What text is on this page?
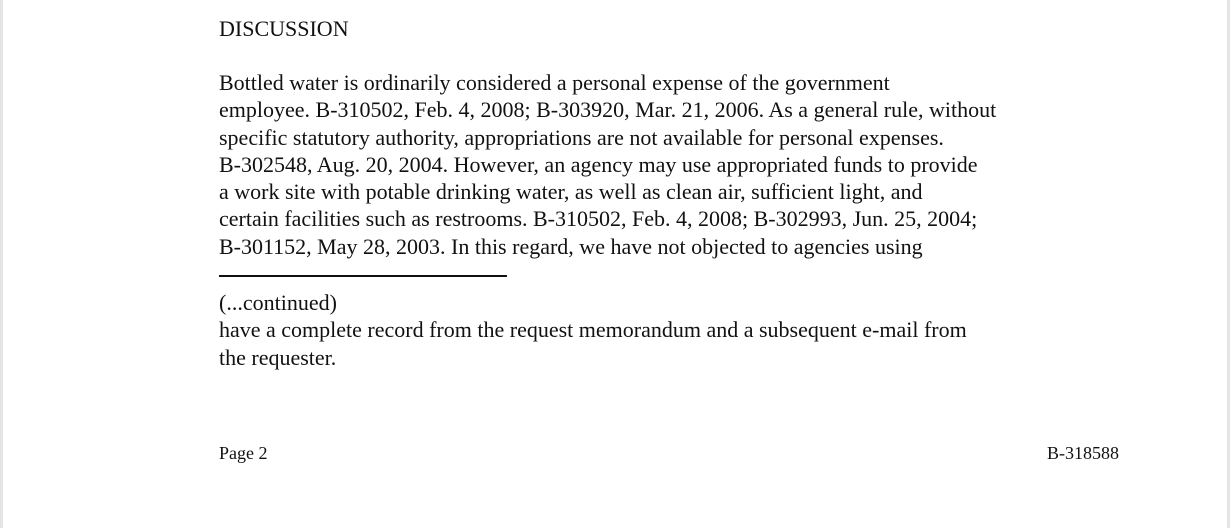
DISCUSSION
Bottled water is ordinarily considered a personal expense of the government
employee. B-310502, Feb. 4, 2008; B-303920, Mar. 21, 2006. As a general rule, without
specific statutory authority, appropriations are not available for personal expenses.
B-302548, Aug. 20, 2004. However, an agency may use appropriated funds to provide
a work site with potable drinking water, as well as clean air, sufficient light, and
certain facilities such as restrooms. B-310502, Feb. 4, 2008; B-302993, Jun. 25, 2004;
B-301152, May 28, 2003. In this regard, we have not objected to agencies using
(...continued)
have a complete record from the request memorandum and a subsequent e-mail from
the requester.
Page 2	B-318588
